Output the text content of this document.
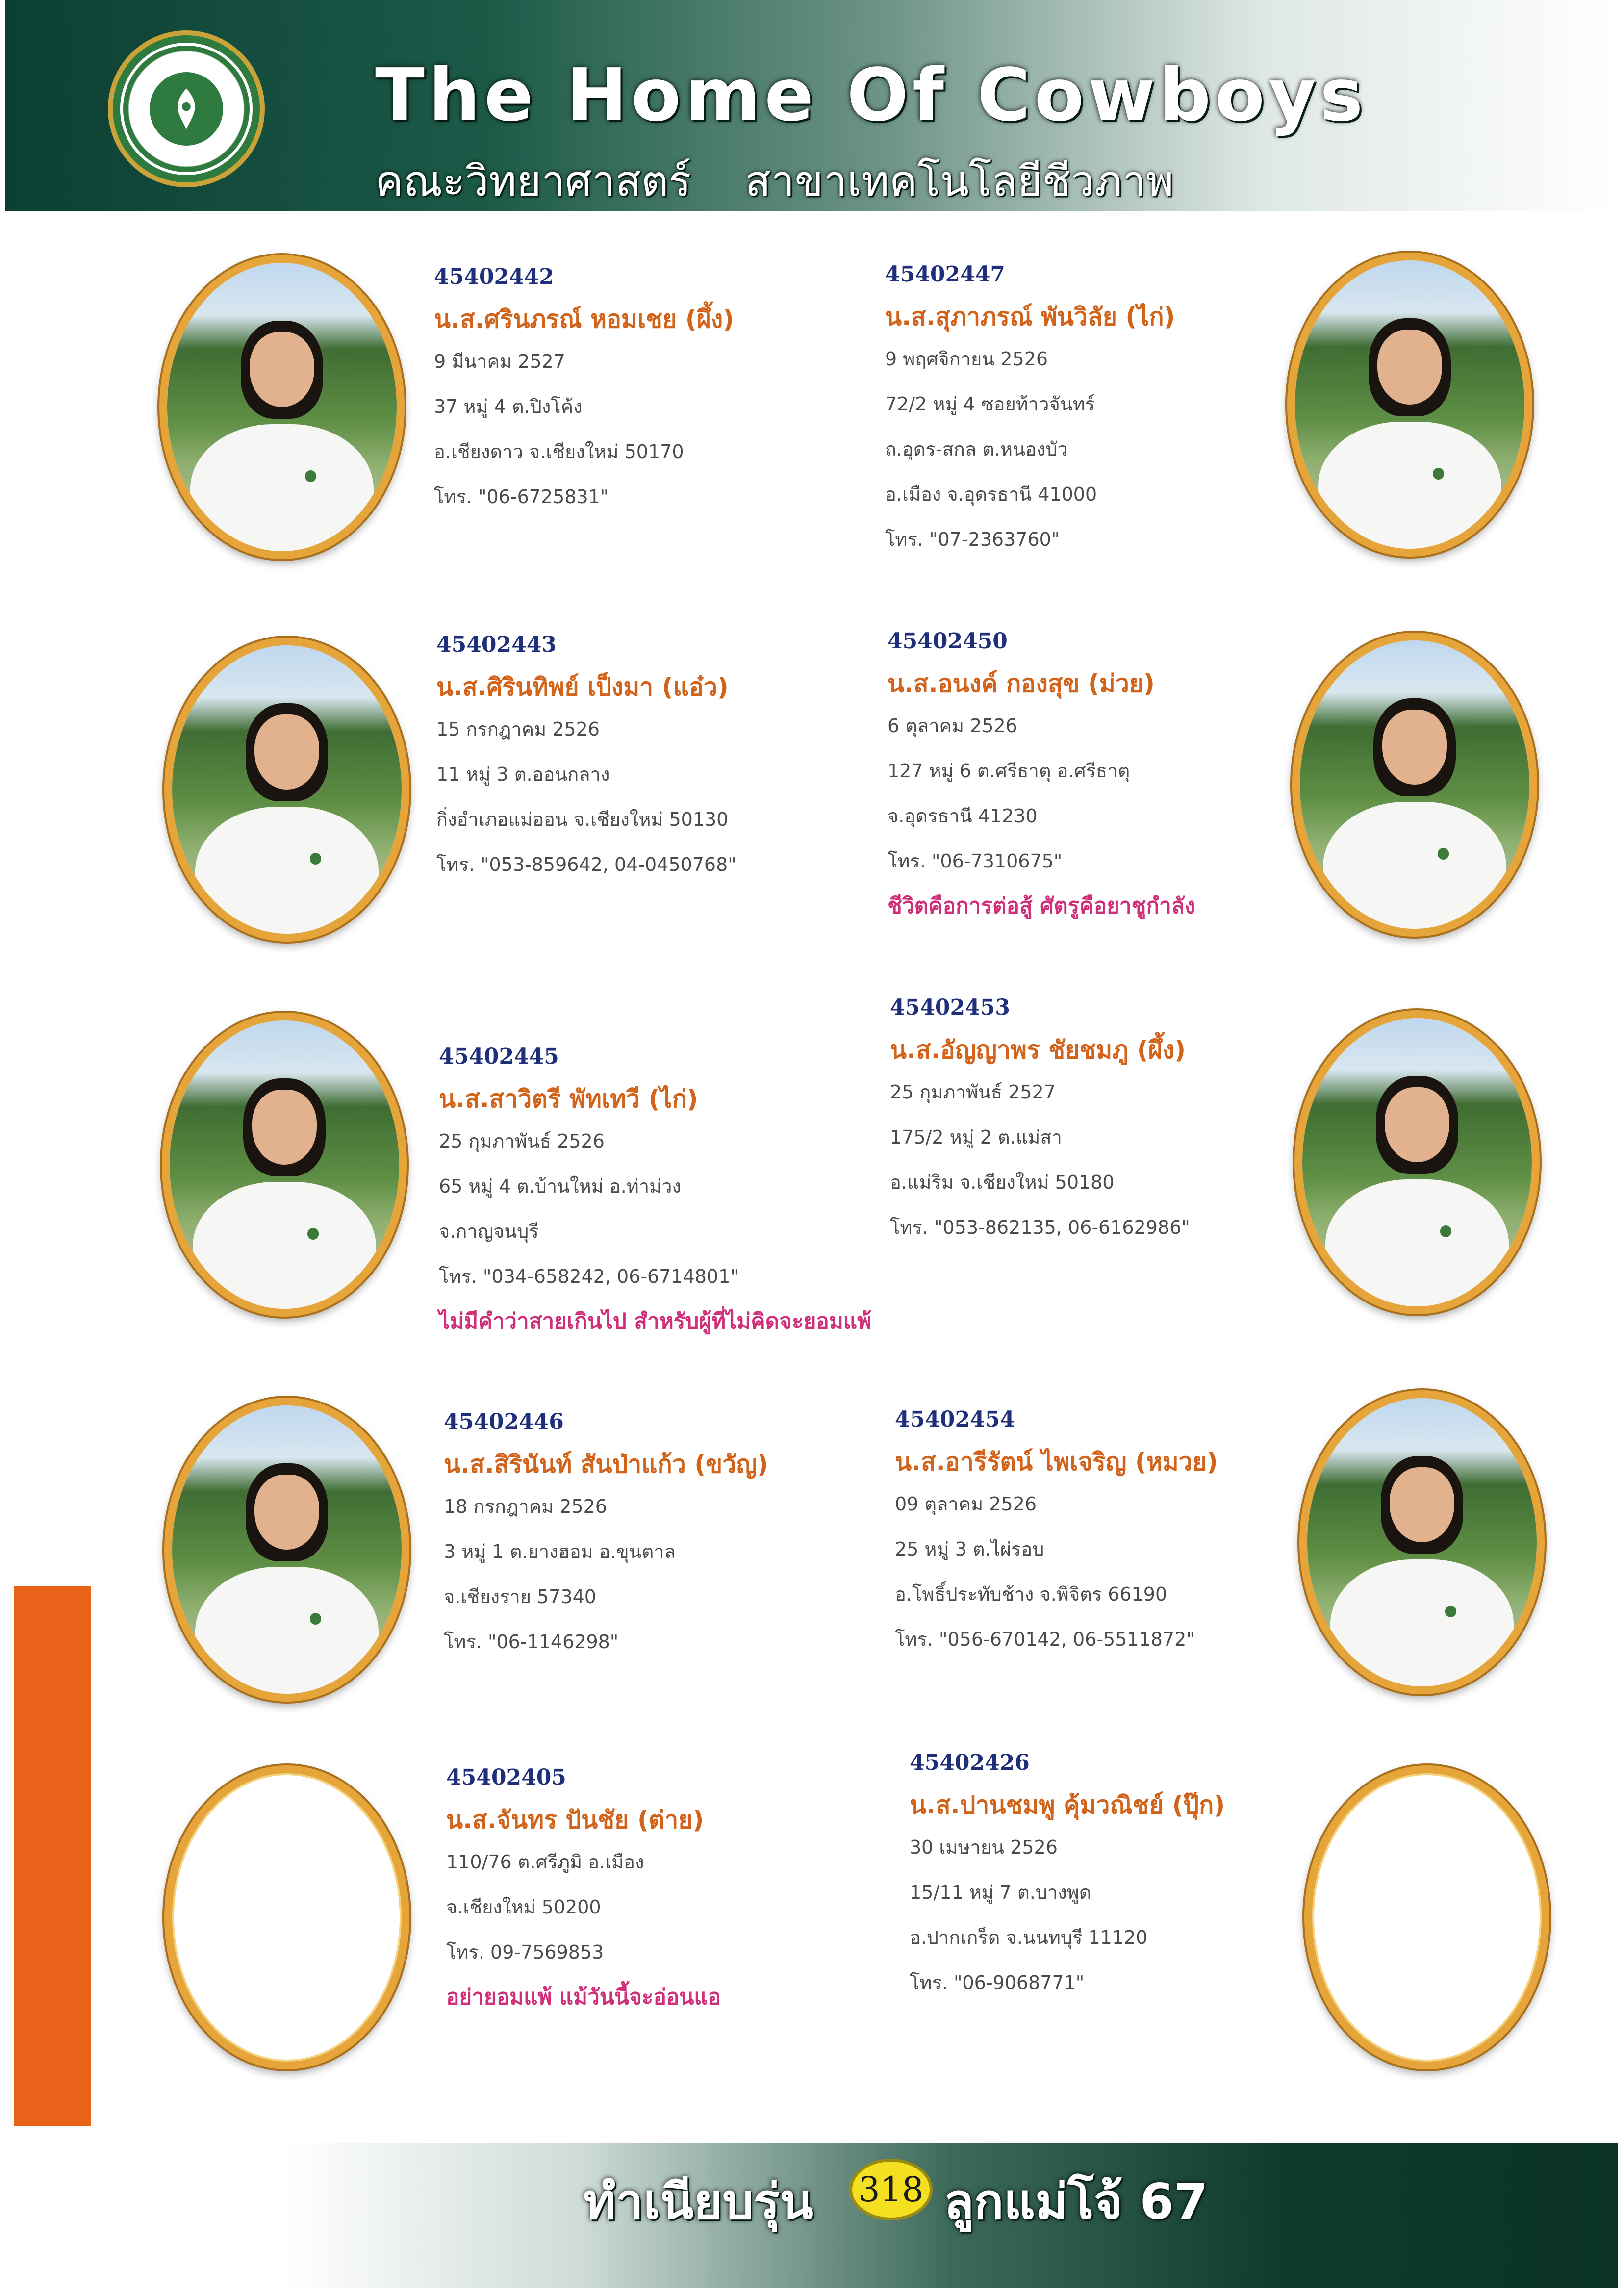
The Home Of Cowboys
คณะวิทยาศาสตร์ สาขาเทคโนโลยีชีวภาพ
45402442
น.ส.ศรินภรณ์ หอมเชย (ผึ้ง)
9 มีนาคม 2527
37 หมู่ 4 ต.ปิงโค้ง
อ.เชียงดาว จ.เชียงใหม่ 50170
โทร. "06-6725831"
45402447
น.ส.สุภาภรณ์ พันวิลัย (ไก่)
9 พฤศจิกายน 2526
72/2 หมู่ 4 ซอยท้าวจันทร์
ถ.อุดร-สกล ต.หนองบัว
อ.เมือง จ.อุดรธานี 41000
โทร. "07-2363760"
45402443
น.ส.ศิรินทิพย์ เป็งมา (แอ๋ว)
15 กรกฎาคม 2526
11 หมู่ 3 ต.ออนกลาง
กิ่งอำเภอแม่ออน จ.เชียงใหม่ 50130
โทร. "053-859642, 04-0450768"
45402450
น.ส.อนงค์ กองสุข (ม่วย)
6 ตุลาคม 2526
127 หมู่ 6 ต.ศรีธาตุ อ.ศรีธาตุ
จ.อุดรธานี 41230
โทร. "06-7310675"
ชีวิตคือการต่อสู้ ศัตรูคือยาชูกำลัง
45402445
น.ส.สาวิตรี พัทเทวี (ไก่)
25 กุมภาพันธ์ 2526
65 หมู่ 4 ต.บ้านใหม่ อ.ท่าม่วง
จ.กาญจนบุรี
โทร. "034-658242, 06-6714801"
ไม่มีคำว่าสายเกินไป สำหรับผู้ที่ไม่คิดจะยอมแพ้
45402453
น.ส.อัญญาพร ชัยชมภู (ผึ้ง)
25 กุมภาพันธ์ 2527
175/2 หมู่ 2 ต.แม่สา
อ.แม่ริม จ.เชียงใหม่ 50180
โทร. "053-862135, 06-6162986"
45402446
น.ส.สิรินันท์ สันป่าแก้ว (ขวัญ)
18 กรกฎาคม 2526
3 หมู่ 1 ต.ยางฮอม อ.ขุนตาล
จ.เชียงราย 57340
โทร. "06-1146298"
45402454
น.ส.อารีรัตน์ ไพเจริญ (หมวย)
09 ตุลาคม 2526
25 หมู่ 3 ต.ไผ่รอบ
อ.โพธิ์ประทับช้าง จ.พิจิตร 66190
โทร. "056-670142, 06-5511872"
45402405
น.ส.จันทร ปันชัย (ต่าย)
110/76 ต.ศรีภูมิ อ.เมือง
จ.เชียงใหม่ 50200
โทร. 09-7569853
อย่ายอมแพ้ แม้วันนี้จะอ่อนแอ
45402426
น.ส.ปานชมพู คุ้มวณิชย์ (ปุ๊ก)
30 เมษายน 2526
15/11 หมู่ 7 ต.บางพูด
อ.ปากเกร็ด จ.นนทบุรี 11120
โทร. "06-9068771"
ทำเนียบรุ่น 318 ลูกแม่โจ้ 67
